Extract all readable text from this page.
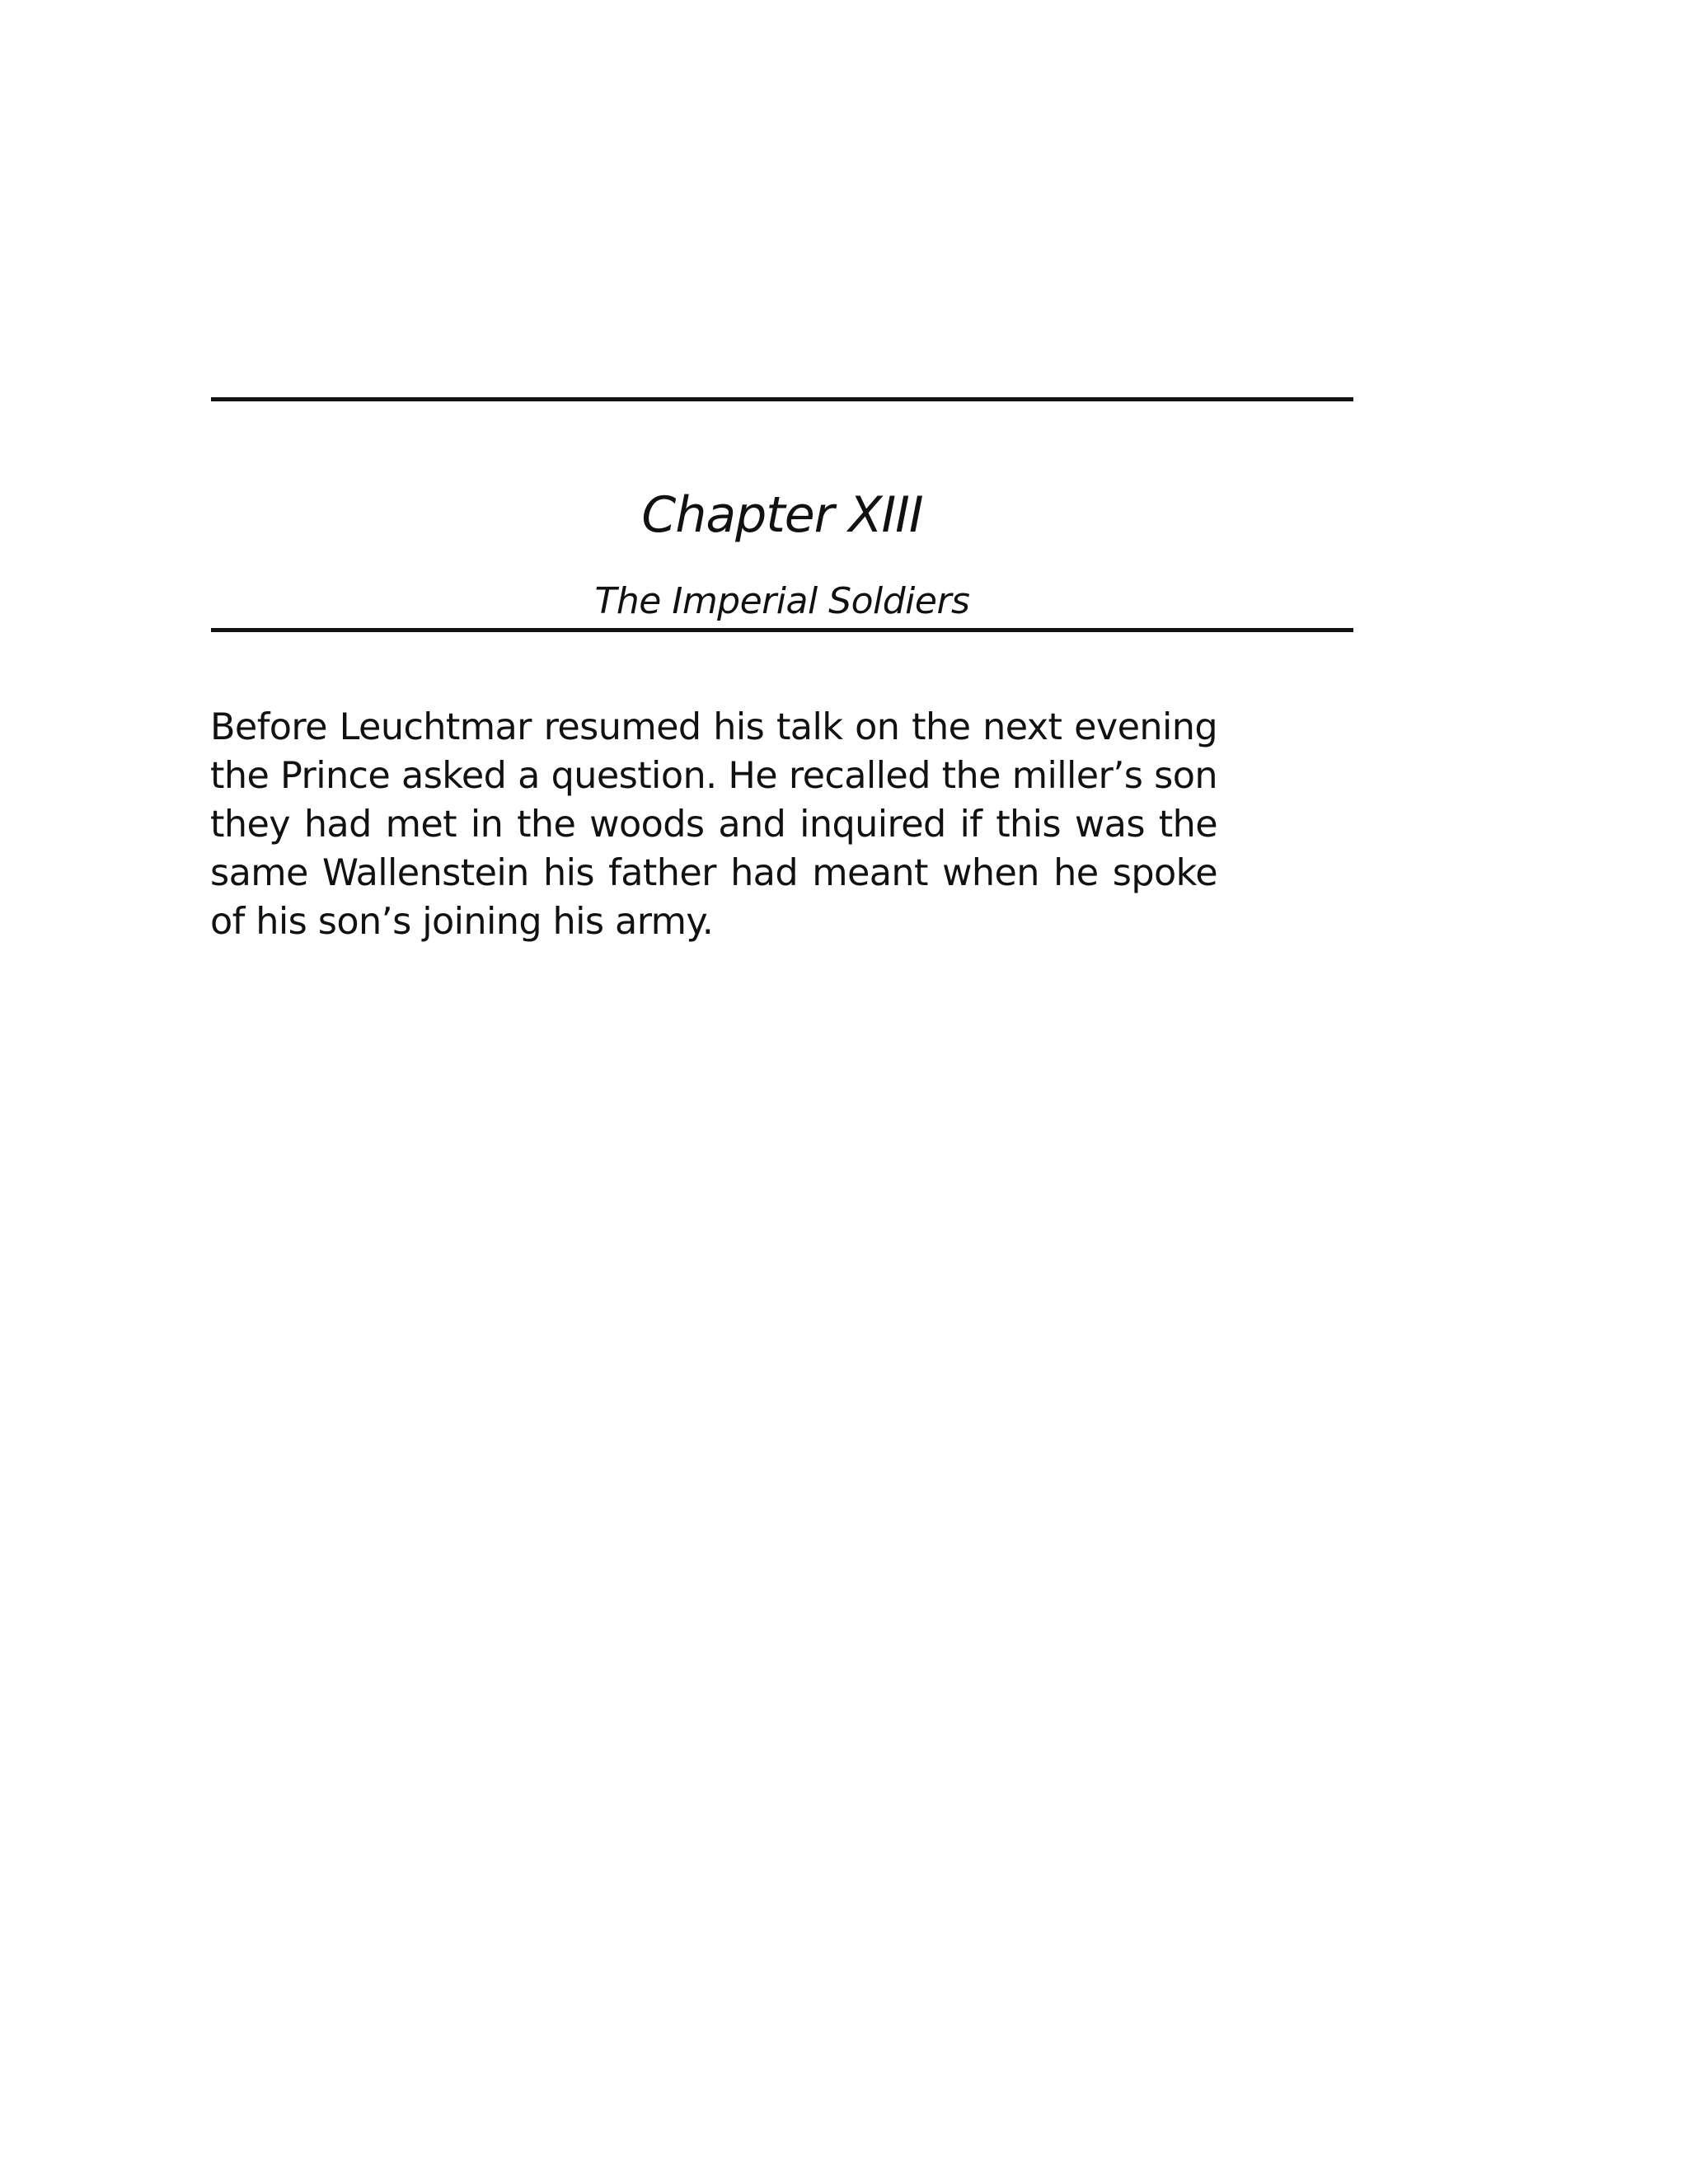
Chapter XIII
The Imperial Soldiers

Before Leuchtmar resumed his talk on the next evening the Prince asked a question. He recalled the miller’s son they had met in the woods and inquired if this was the same Wallenstein his father had meant when he spoke of his son’s joining his army.
